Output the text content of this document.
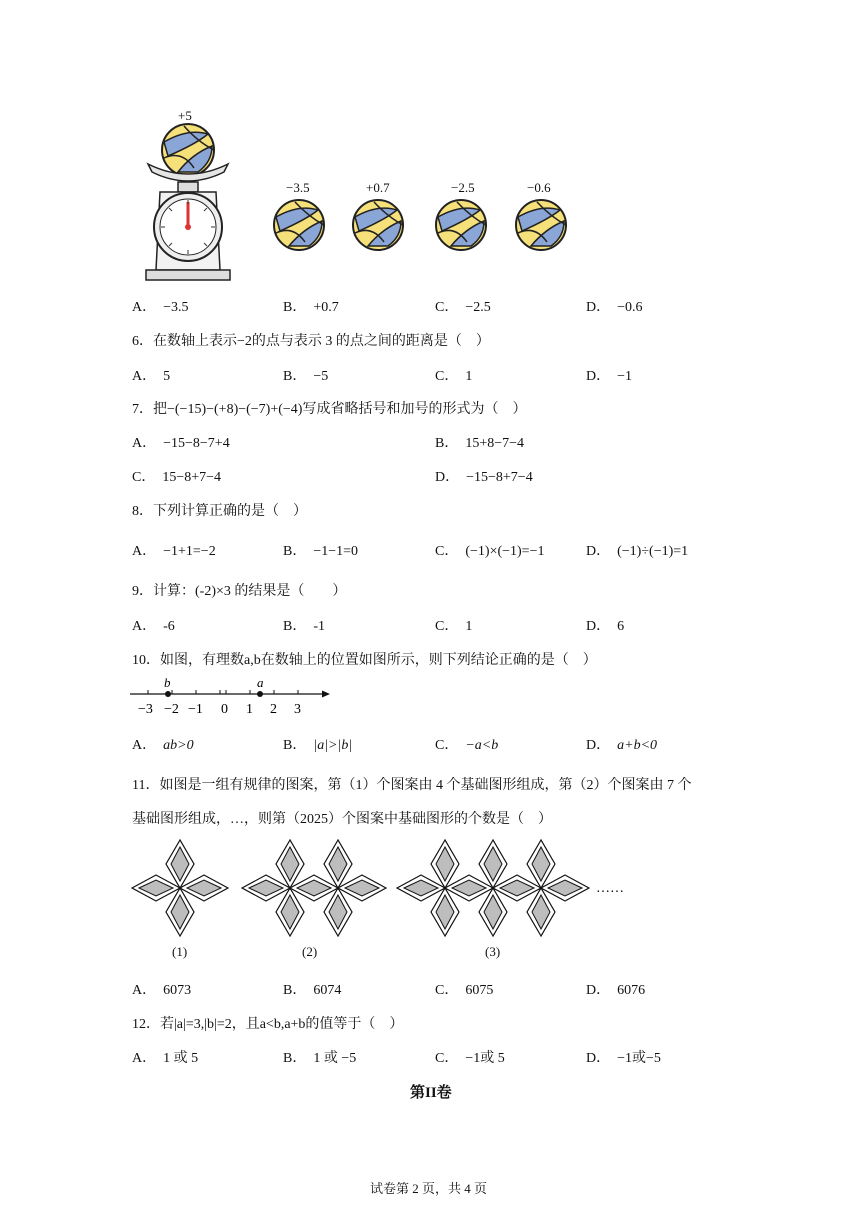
+5
−3.5	+0.7	−2.5	−0.6
A． −3.5	B． +0.7	C． −2.5	D． −0.6
6．在数轴上表示−2的点与表示 3 的点之间的距离是（　）
A． 5	B． −5	C． 1	D． −1
7．把−(−15)−(+8)−(−7)+(−4)写成省略括号和加号的形式为（　）
A． −15−8−7+4	B． 15+8−7−4
C． 15−8+7−4	D． −15−8+7−4
8．下列计算正确的是（　）
A． −1+1=−2	B． −1−1=0	C． (−1)×(−1)=−1	D． (−1)÷(−1)=1
9．计算：(-2)×3 的结果是（　　）
A． -6	B． -1	C． 1	D． 6
10．如图，有理数a,b在数轴上的位置如图所示，则下列结论正确的是（　）
b	a
−3 −2 −1 0 1 2 3
A． ab>0	B． |a|>|b|	C． −a<b	D． a+b<0
11．如图是一组有规律的图案，第（1）个图案由 4 个基础图形组成，第（2）个图案由 7 个
基础图形组成，…，则第（2025）个图案中基础图形的个数是（　）
……
(1)	(2)	(3)
A． 6073	B． 6074	C． 6075	D． 6076
12．若|a|=3,|b|=2，且a<b,a+b的值等于（　）
A． 1 或 5	B． 1 或 −5	C． −1或 5	D． −1或−5
第II卷
试卷第 2 页，共 4 页
